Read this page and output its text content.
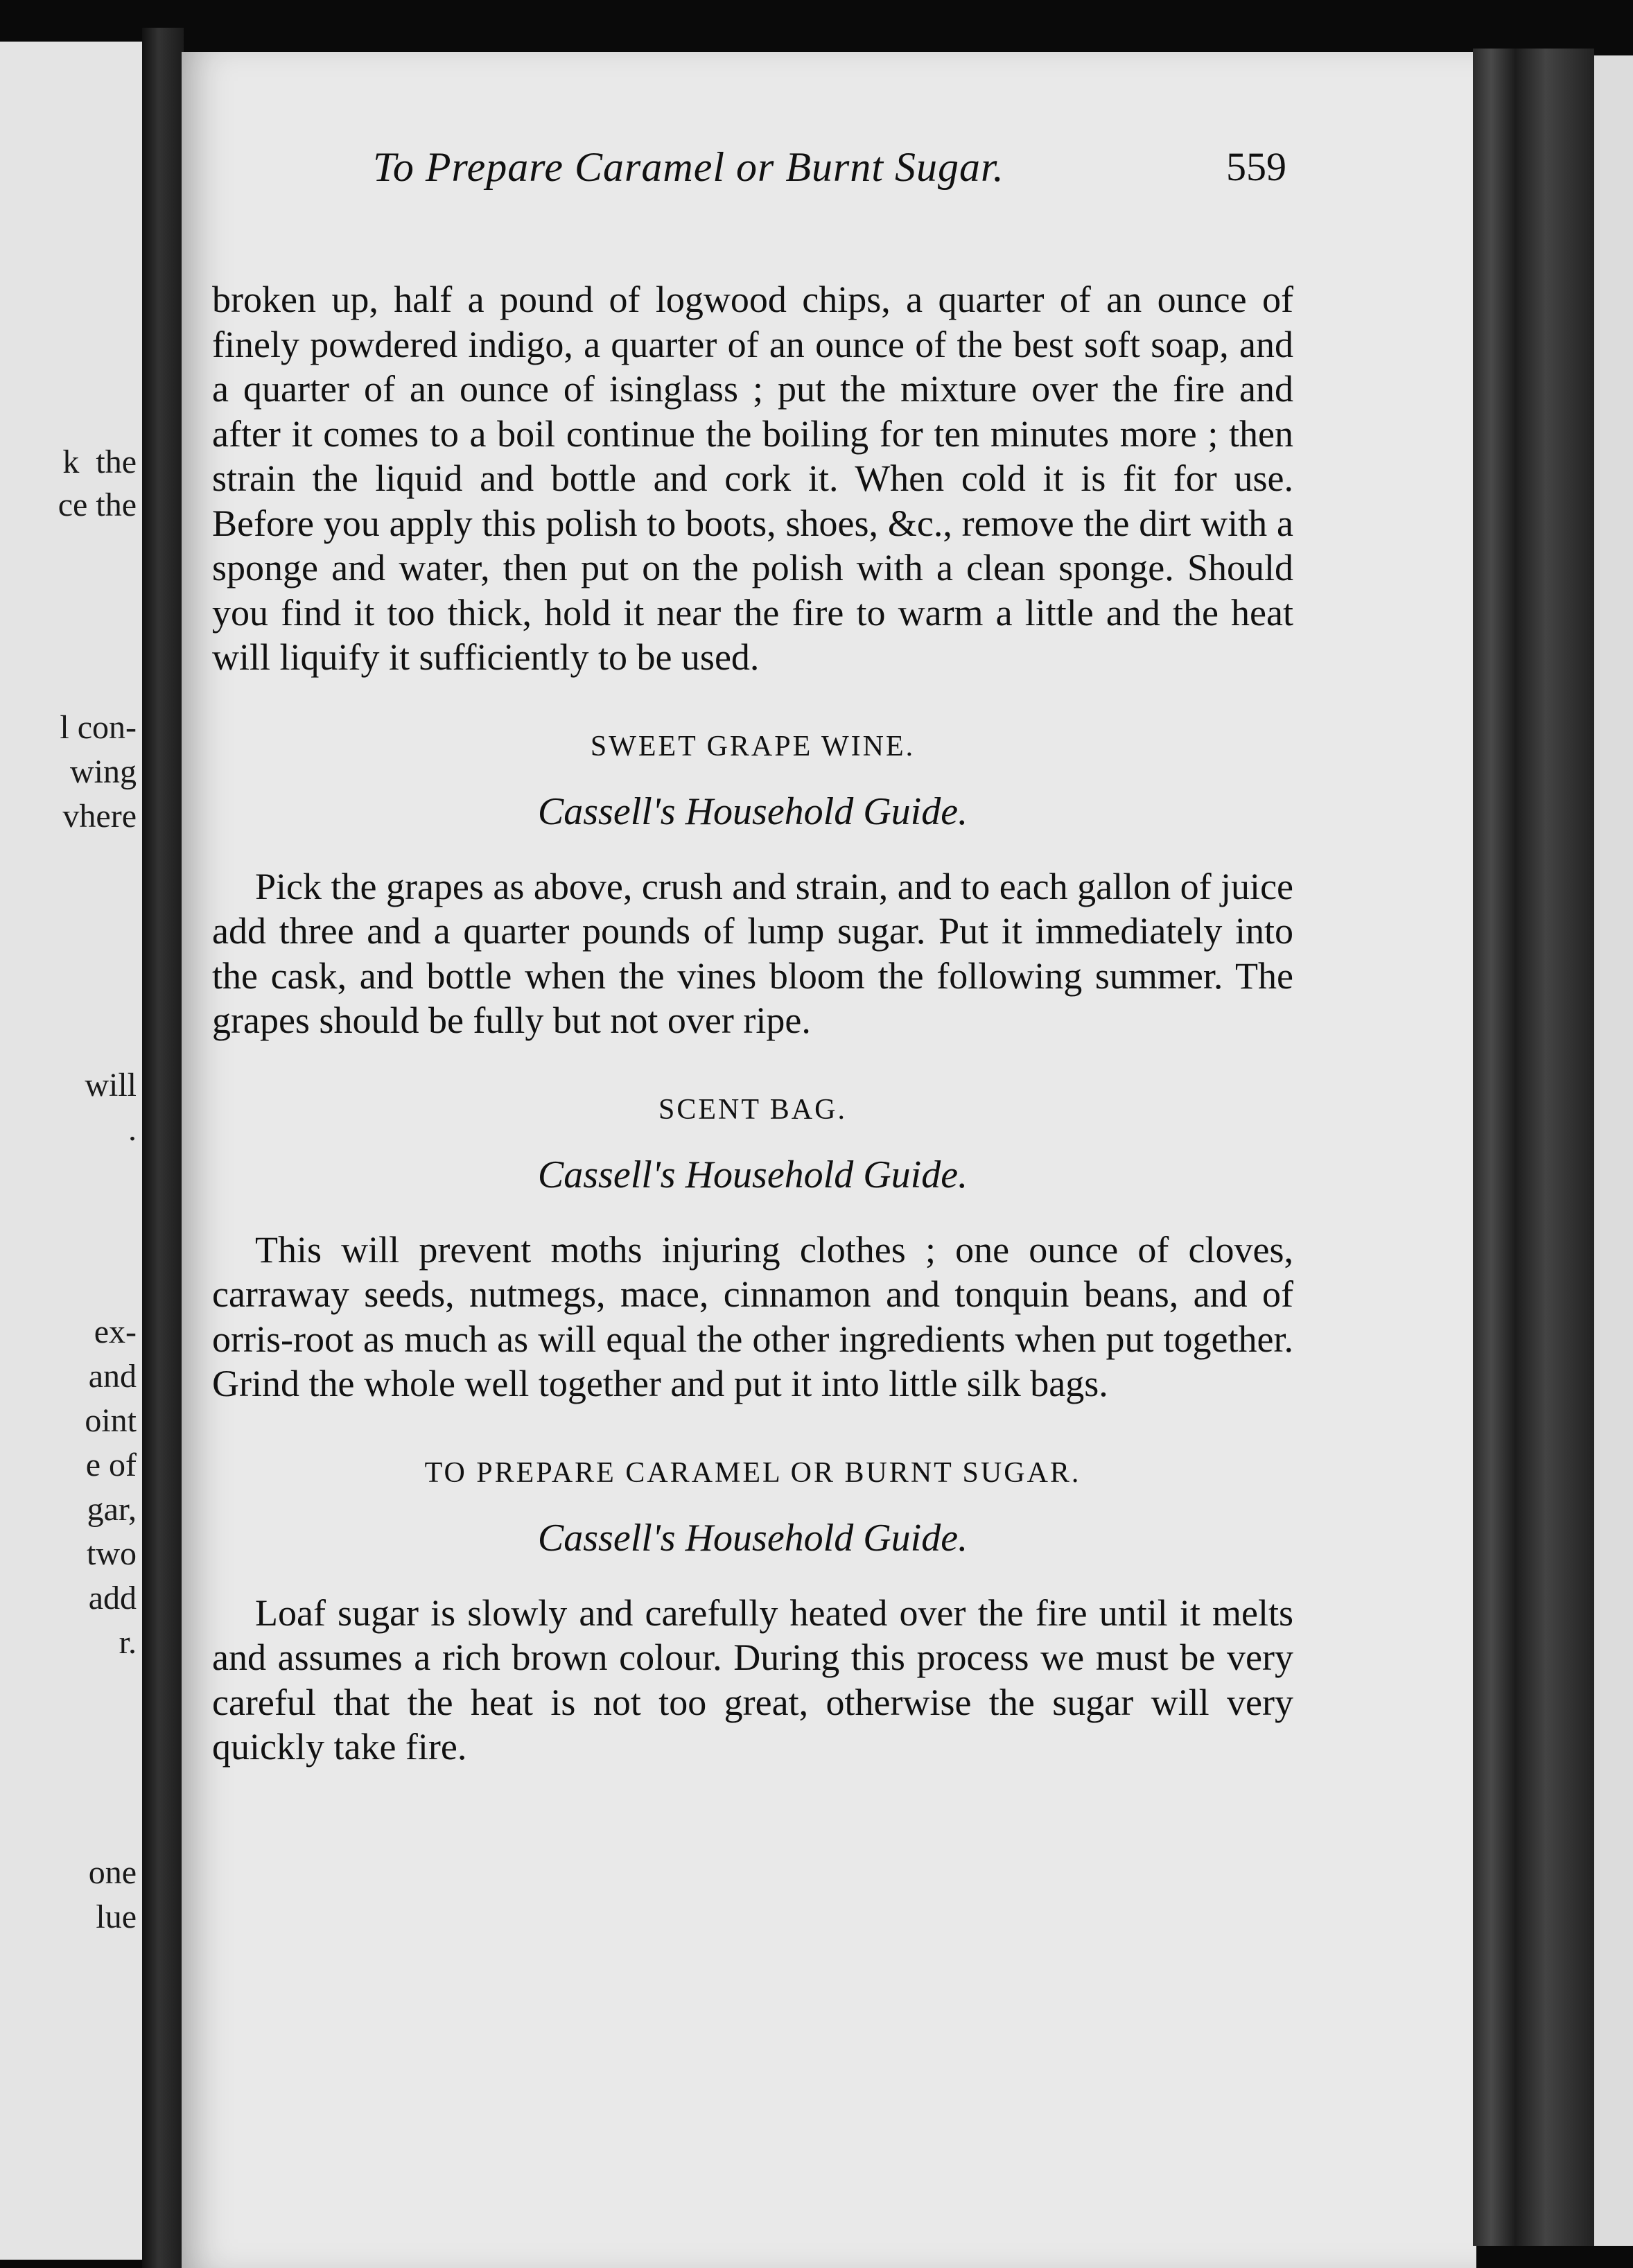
k  the
ce the
l con-
wing
vhere
will
.
ex-
and
oint
e of
gar,
two
add
r.
one
lue
To Prepare Caramel or Burnt Sugar.	559

broken up, half a pound of logwood chips, a quarter of an ounce of finely powdered indigo, a quarter of an ounce of the best soft soap, and a quarter of an ounce of isinglass ; put the mixture over the fire and after it comes to a boil continue the boiling for ten minutes more ; then strain the liquid and bottle and cork it. When cold it is fit for use. Before you apply this polish to boots, shoes, &c., remove the dirt with a sponge and water, then put on the polish with a clean sponge. Should you find it too thick, hold it near the fire to warm a little and the heat will liquify it sufficiently to be used.

SWEET GRAPE WINE.
Cassell's Household Guide.

Pick the grapes as above, crush and strain, and to each gallon of juice add three and a quarter pounds of lump sugar. Put it immediately into the cask, and bottle when the vines bloom the following summer. The grapes should be fully but not over ripe.

SCENT BAG.
Cassell's Household Guide.

This will prevent moths injuring clothes ; one ounce of cloves, carraway seeds, nutmegs, mace, cinnamon and tonquin beans, and of orris-root as much as will equal the other ingredients when put together. Grind the whole well together and put it into little silk bags.

TO PREPARE CARAMEL OR BURNT SUGAR.
Cassell's Household Guide.

Loaf sugar is slowly and carefully heated over the fire until it melts and assumes a rich brown colour. During this process we must be very careful that the heat is not too great, otherwise the sugar will very quickly take fire.
